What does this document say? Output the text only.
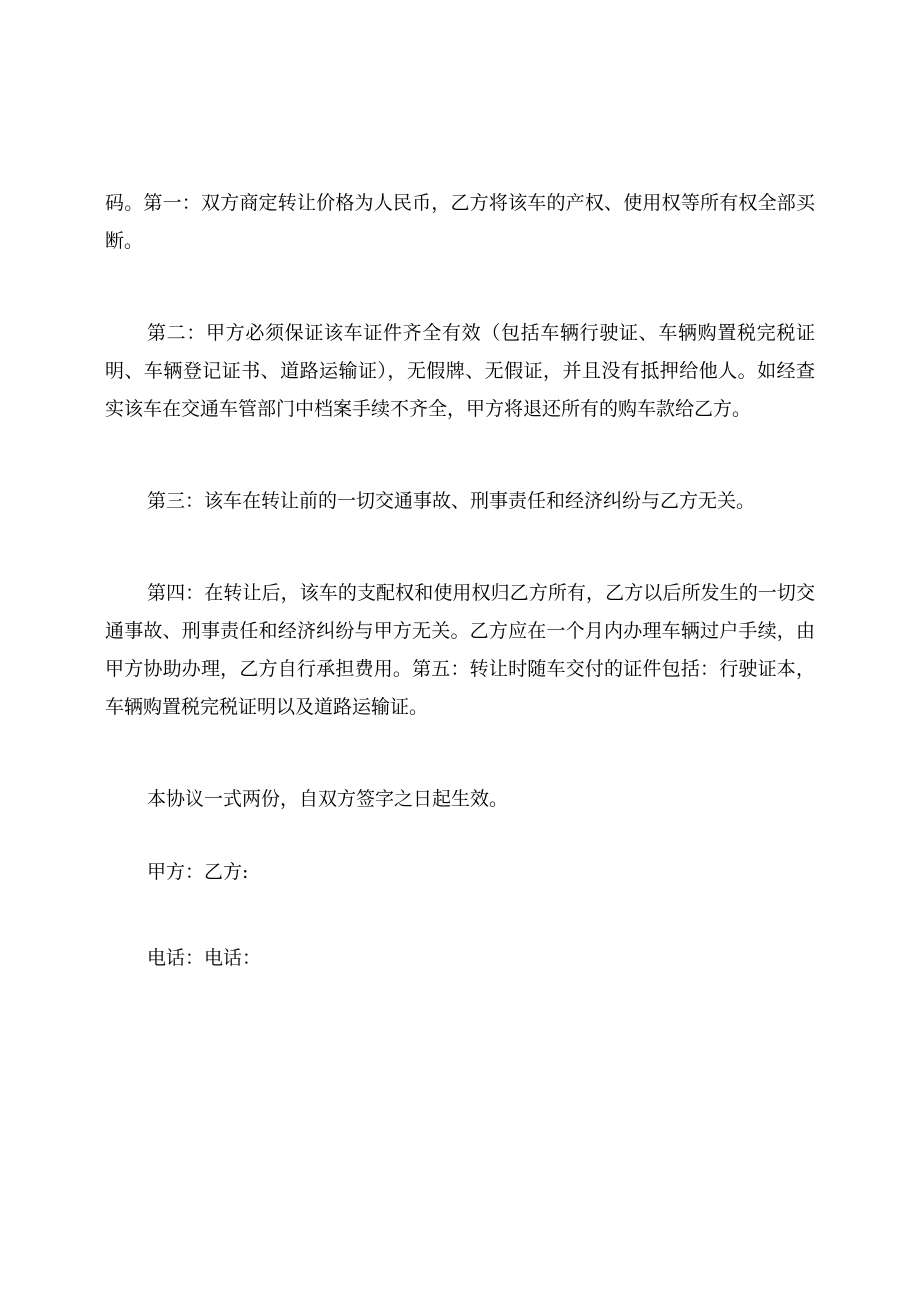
码。第一：双方商定转让价格为人民币，乙方将该车的产权、使用权等所有权全部买断。

第二：甲方必须保证该车证件齐全有效（包括车辆行驶证、车辆购置税完税证明、车辆登记证书、道路运输证），无假牌、无假证，并且没有抵押给他人。如经查实该车在交通车管部门中档案手续不齐全，甲方将退还所有的购车款给乙方。

第三：该车在转让前的一切交通事故、刑事责任和经济纠纷与乙方无关。

第四：在转让后，该车的支配权和使用权归乙方所有，乙方以后所发生的一切交通事故、刑事责任和经济纠纷与甲方无关。乙方应在一个月内办理车辆过户手续，由甲方协助办理，乙方自行承担费用。第五：转让时随车交付的证件包括：行驶证本，车辆购置税完税证明以及道路运输证。

本协议一式两份，自双方签字之日起生效。

甲方：乙方:

电话：电话：
